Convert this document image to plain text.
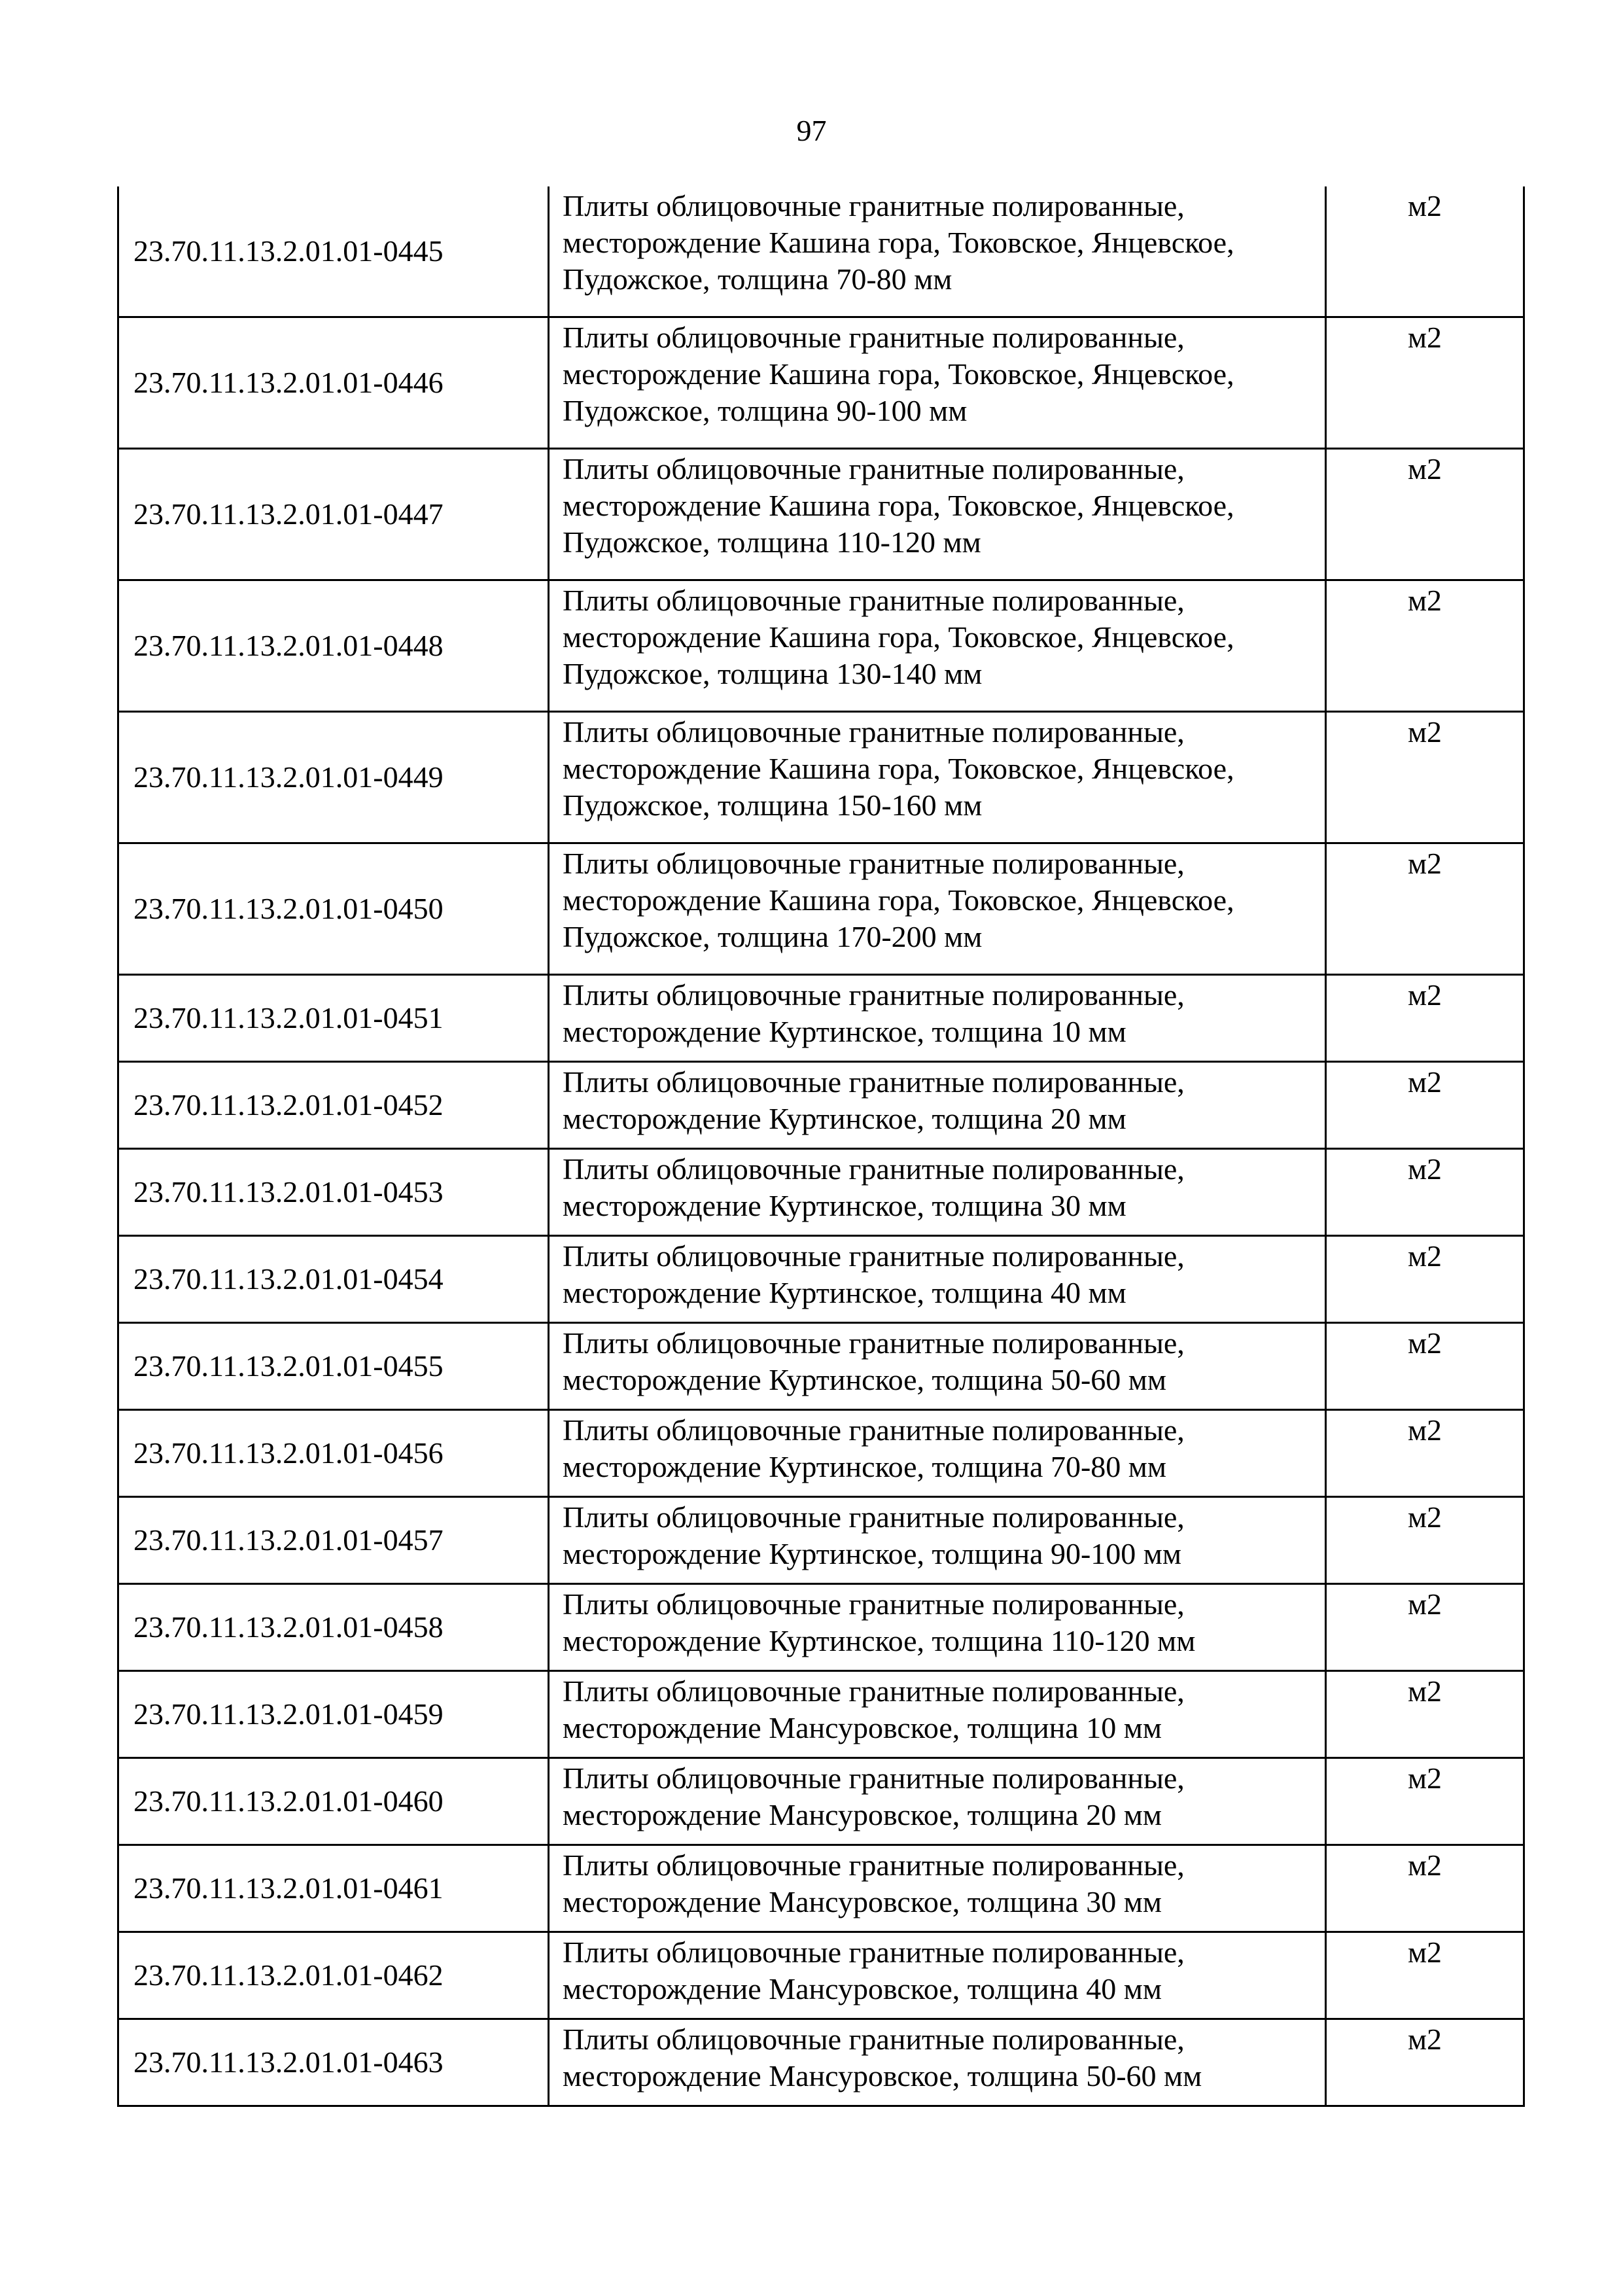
97
23.70.11.13.2.01.01-0445	Плиты облицовочные гранитные полированные,
месторождение Кашина гора, Токовское, Янцевское,
Пудожское, толщина 70-80 мм	м2
23.70.11.13.2.01.01-0446	Плиты облицовочные гранитные полированные,
месторождение Кашина гора, Токовское, Янцевское,
Пудожское, толщина 90-100 мм	м2
23.70.11.13.2.01.01-0447	Плиты облицовочные гранитные полированные,
месторождение Кашина гора, Токовское, Янцевское,
Пудожское, толщина 110-120 мм	м2
23.70.11.13.2.01.01-0448	Плиты облицовочные гранитные полированные,
месторождение Кашина гора, Токовское, Янцевское,
Пудожское, толщина 130-140 мм	м2
23.70.11.13.2.01.01-0449	Плиты облицовочные гранитные полированные,
месторождение Кашина гора, Токовское, Янцевское,
Пудожское, толщина 150-160 мм	м2
23.70.11.13.2.01.01-0450	Плиты облицовочные гранитные полированные,
месторождение Кашина гора, Токовское, Янцевское,
Пудожское, толщина 170-200 мм	м2
23.70.11.13.2.01.01-0451	Плиты облицовочные гранитные полированные,
месторождение Куртинское, толщина 10 мм	м2
23.70.11.13.2.01.01-0452	Плиты облицовочные гранитные полированные,
месторождение Куртинское, толщина 20 мм	м2
23.70.11.13.2.01.01-0453	Плиты облицовочные гранитные полированные,
месторождение Куртинское, толщина 30 мм	м2
23.70.11.13.2.01.01-0454	Плиты облицовочные гранитные полированные,
месторождение Куртинское, толщина 40 мм	м2
23.70.11.13.2.01.01-0455	Плиты облицовочные гранитные полированные,
месторождение Куртинское, толщина 50-60 мм	м2
23.70.11.13.2.01.01-0456	Плиты облицовочные гранитные полированные,
месторождение Куртинское, толщина 70-80 мм	м2
23.70.11.13.2.01.01-0457	Плиты облицовочные гранитные полированные,
месторождение Куртинское, толщина 90-100 мм	м2
23.70.11.13.2.01.01-0458	Плиты облицовочные гранитные полированные,
месторождение Куртинское, толщина 110-120 мм	м2
23.70.11.13.2.01.01-0459	Плиты облицовочные гранитные полированные,
месторождение Мансуровское, толщина 10 мм	м2
23.70.11.13.2.01.01-0460	Плиты облицовочные гранитные полированные,
месторождение Мансуровское, толщина 20 мм	м2
23.70.11.13.2.01.01-0461	Плиты облицовочные гранитные полированные,
месторождение Мансуровское, толщина 30 мм	м2
23.70.11.13.2.01.01-0462	Плиты облицовочные гранитные полированные,
месторождение Мансуровское, толщина 40 мм	м2
23.70.11.13.2.01.01-0463	Плиты облицовочные гранитные полированные,
месторождение Мансуровское, толщина 50-60 мм	м2
